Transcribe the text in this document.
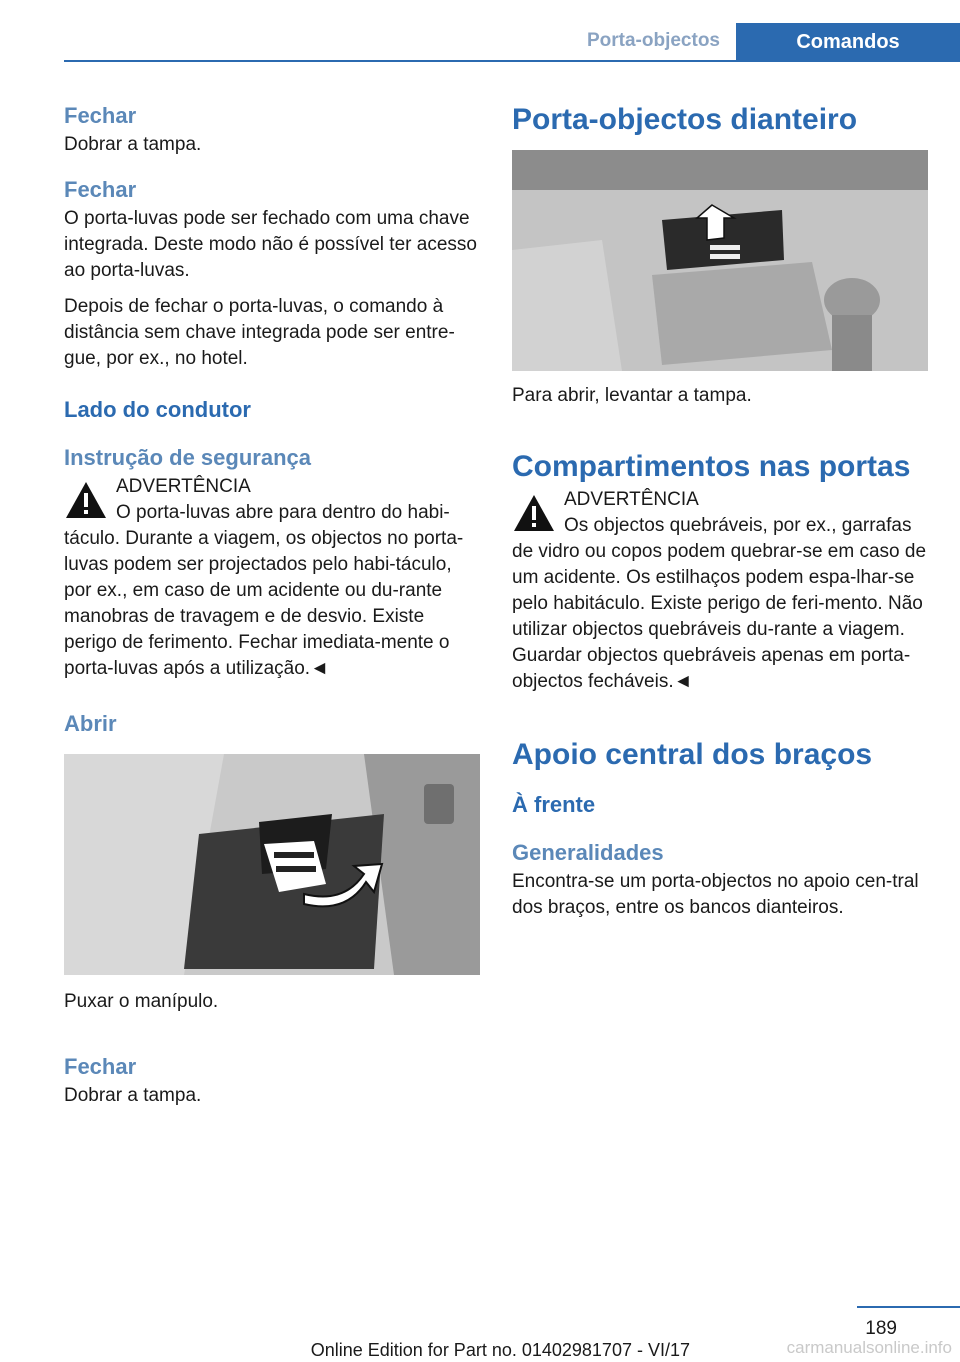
Porta-objectos	Comandos
Fechar

Dobrar a tampa.

Fechar

O porta-luvas pode ser fechado com uma chave integrada. Deste modo não é possível ter acesso ao porta-luvas.

Depois de fechar o porta-luvas, o comando à distância sem chave integrada pode ser entre‐gue, por ex., no hotel.

Lado do condutor
Instrução de segurança
ADVERTÊNCIA

O porta-luvas abre para dentro do habi‐

táculo. Durante a viagem, os objectos no porta-luvas podem ser projectados pelo habi‐táculo, por ex., em caso de um acidente ou du‐rante manobras de travagem e de desvio. Existe perigo de ferimento. Fechar imediata‐mente o porta-luvas após a utilização.◄

Abrir

Puxar o manípulo.

Fechar

Dobrar a tampa.

Porta-objectos dianteiro

Para abrir, levantar a tampa.

Compartimentos nas portas
ADVERTÊNCIA

Os objectos quebráveis, por ex., garrafas

de vidro ou copos podem quebrar-se em caso de um acidente. Os estilhaços podem espa‐lhar-se pelo habitáculo. Existe perigo de feri‐mento. Não utilizar objectos quebráveis du‐rante a viagem. Guardar objectos quebráveis apenas em porta-objectos fecháveis.◄

Apoio central dos braços
À frente
Generalidades

Encontra-se um porta-objectos no apoio cen‐tral dos braços, entre os bancos dianteiros.

189
Online Edition for Part no. 01402981707 - VI/17	carmanualsonline.info
